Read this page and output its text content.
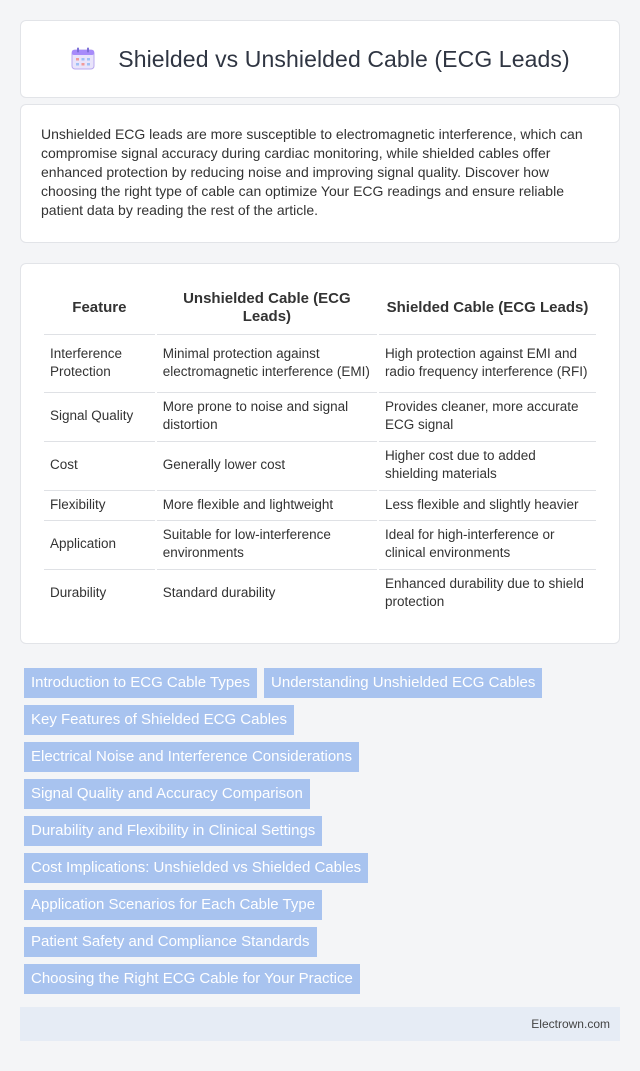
Shielded vs Unshielded Cable (ECG Leads)

Unshielded ECG leads are more susceptible to electromagnetic interference, which can compromise signal accuracy during cardiac monitoring, while shielded cables offer enhanced protection by reducing noise and improving signal quality. Discover how choosing the right type of cable can optimize Your ECG readings and ensure reliable patient data by reading the rest of the article.

Feature	Unshielded Cable (ECG Leads)	Shielded Cable (ECG Leads)
Interference Protection	Minimal protection against electromagnetic interference (EMI)	High protection against EMI and radio frequency interference (RFI)
Signal Quality	More prone to noise and signal distortion	Provides cleaner, more accurate ECG signal
Cost	Generally lower cost	Higher cost due to added shielding materials
Flexibility	More flexible and lightweight	Less flexible and slightly heavier
Application	Suitable for low-interference environments	Ideal for high-interference or clinical environments
Durability	Standard durability	Enhanced durability due to shield protection
Introduction to ECG Cable Types	Understanding Unshielded ECG Cables
Key Features of Shielded ECG Cables
Electrical Noise and Interference Considerations
Signal Quality and Accuracy Comparison
Durability and Flexibility in Clinical Settings
Cost Implications: Unshielded vs Shielded Cables
Application Scenarios for Each Cable Type
Patient Safety and Compliance Standards
Choosing the Right ECG Cable for Your Practice
Electrown.com
